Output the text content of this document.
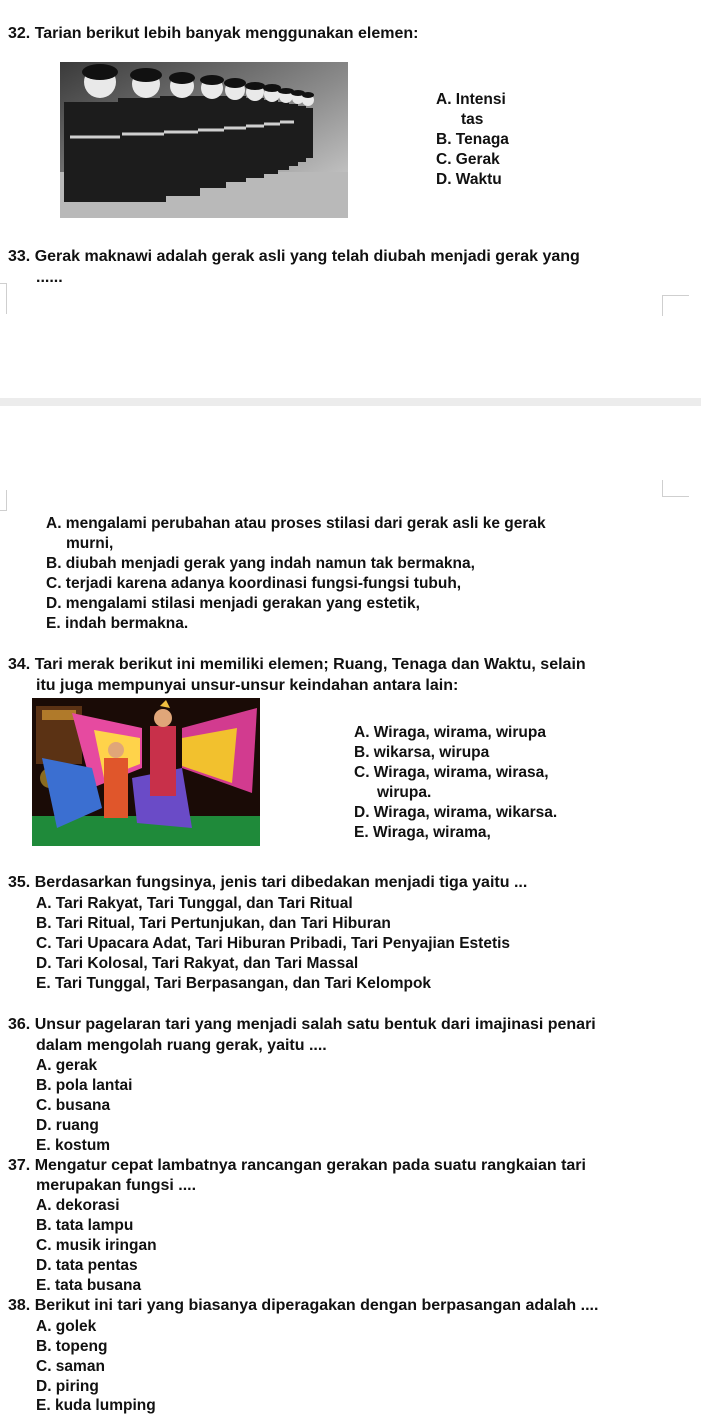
32. Tarian berikut lebih banyak menggunakan elemen:
A. Intensi
tas
B. Tenaga
C. Gerak
D. Waktu
33. Gerak maknawi adalah gerak asli yang telah diubah menjadi gerak yang
......
A. mengalami perubahan atau proses stilasi dari gerak asli ke gerak
murni,
B. diubah menjadi gerak yang indah namun tak bermakna,
C. terjadi karena adanya koordinasi fungsi-fungsi tubuh,
D. mengalami stilasi menjadi gerakan yang estetik,
E. indah bermakna.
34. Tari merak berikut ini memiliki elemen; Ruang, Tenaga dan Waktu, selain
itu juga mempunyai unsur-unsur keindahan antara lain:
A. Wiraga, wirama, wirupa
B. wikarsa, wirupa
C. Wiraga, wirama, wirasa,
wirupa.
D. Wiraga, wirama, wikarsa.
E. Wiraga, wirama,
35. Berdasarkan fungsinya, jenis tari dibedakan menjadi tiga yaitu ...
A. Tari Rakyat, Tari Tunggal, dan Tari Ritual
B. Tari Ritual, Tari Pertunjukan, dan Tari Hiburan
C. Tari Upacara Adat, Tari Hiburan Pribadi, Tari Penyajian Estetis
D. Tari Kolosal, Tari Rakyat, dan Tari Massal
E. Tari Tunggal, Tari Berpasangan, dan Tari Kelompok
36. Unsur pagelaran tari yang menjadi salah satu bentuk dari imajinasi penari
dalam mengolah ruang gerak, yaitu ....
A. gerak
B. pola lantai
C. busana
D. ruang
E. kostum
37. Mengatur cepat lambatnya rancangan gerakan pada suatu rangkaian tari
merupakan fungsi ....
A. dekorasi
B. tata lampu
C. musik iringan
D. tata pentas
E. tata busana
38. Berikut ini tari yang biasanya diperagakan dengan berpasangan adalah ....
A. golek
B. topeng
C. saman
D. piring
E. kuda lumping
